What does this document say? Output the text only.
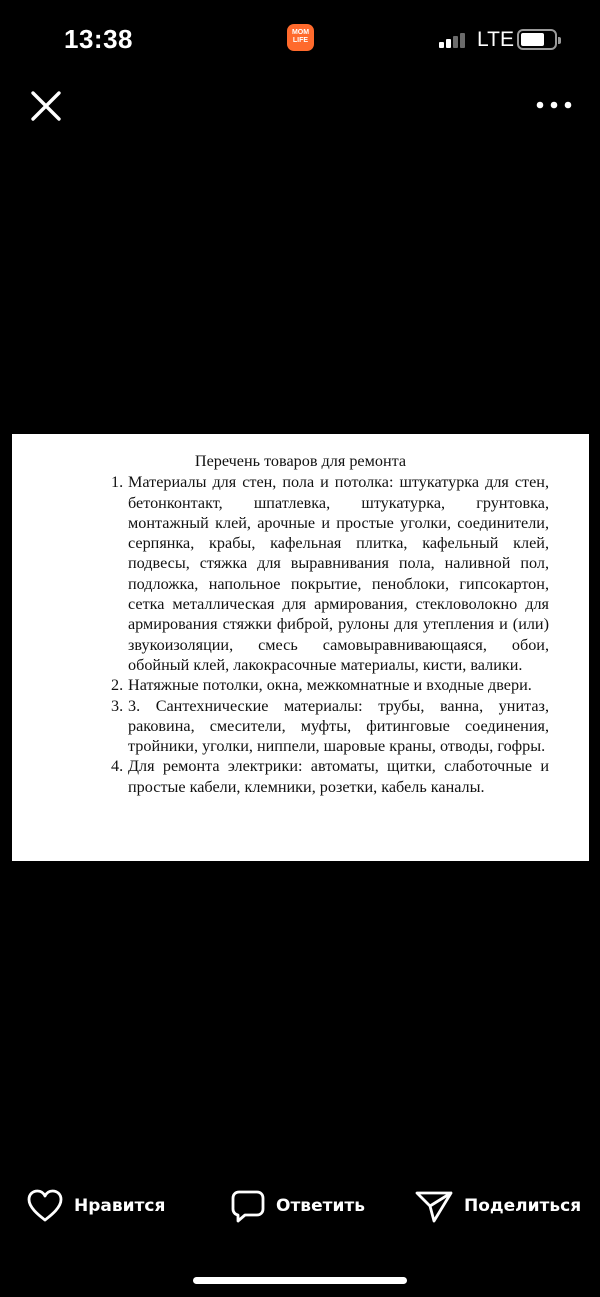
13:38	MOM LIFE	LTE
Перечень товаров для ремонта
1. Материалы для стен, пола и потолка: штукатурка для стен, бетонконтакт, шпатлевка, штукатурка, грунтовка, монтажный клей, арочные и простые уголки, соединители, серпянка, крабы, кафельная плитка, кафельный клей, подвесы, стяжка для выравнивания пола, наливной пол, подложка, напольное покрытие, пеноблоки, гипсокартон, сетка металлическая для армирования, стекловолокно для армирования стяжки фиброй, рулоны для утепления и (или) звукоизоляции, смесь самовыравнивающаяся, обои, обойный клей, лакокрасочные материалы, кисти, валики.
2. Натяжные потолки, окна, межкомнатные и входные двери.
3. 3. Сантехнические материалы: трубы, ванна, унитаз, раковина, смесители, муфты, фитинговые соединения, тройники, уголки, ниппели, шаровые краны, отводы, гофры.
4. Для ремонта электрики: автоматы, щитки, слаботочные и простые кабели, клемники, розетки, кабель каналы.
Нравится	Ответить	Поделиться
